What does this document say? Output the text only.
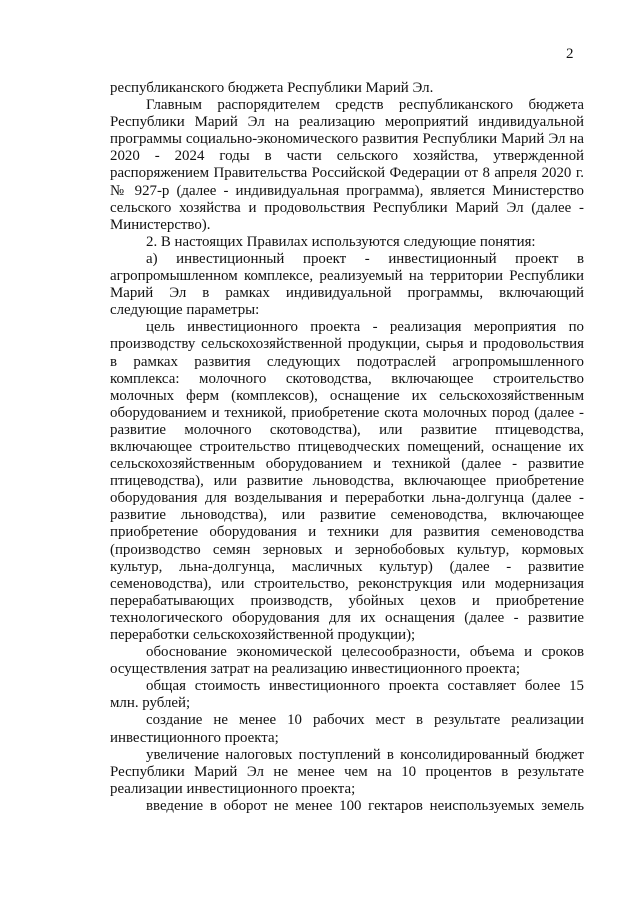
2

республиканского бюджета Республики Марий Эл.

Главным распорядителем средств республиканского бюджета Республики Марий Эл на реализацию мероприятий индивидуальной программы социально-экономического развития Республики Марий Эл на 2020 - 2024 годы в части сельского хозяйства, утвержденной распоряжением Правительства Российской Федерации от 8 апреля 2020 г. № 927-р (далее - индивидуальная программа), является Министерство сельского хозяйства и продовольствия Республики Марий Эл (далее - Министерство).

2. В настоящих Правилах используются следующие понятия:

а) инвестиционный проект - инвестиционный проект в агропромышленном комплексе, реализуемый на территории Республики Марий Эл в рамках индивидуальной программы, включающий следующие параметры:

цель инвестиционного проекта - реализация мероприятия по производству сельскохозяйственной продукции, сырья и продовольствия в рамках развития следующих подотраслей агропромышленного комплекса: молочного скотоводства, включающее строительство молочных ферм (комплексов), оснащение их сельскохозяйственным оборудованием и техникой, приобретение скота молочных пород (далее - развитие молочного скотоводства), или развитие птицеводства, включающее строительство птицеводческих помещений, оснащение их сельскохозяйственным оборудованием и техникой (далее - развитие птицеводства), или развитие льноводства, включающее приобретение оборудования для возделывания и переработки льна-долгунца (далее - развитие льноводства), или развитие семеноводства, включающее приобретение оборудования и техники для развития семеноводства (производство семян зерновых и зернобобовых культур, кормовых культур, льна-долгунца, масличных культур) (далее - развитие семеноводства), или строительство, реконструкция или модернизация перерабатывающих производств, убойных цехов и приобретение технологического оборудования для их оснащения (далее - развитие переработки сельскохозяйственной продукции);

обоснование экономической целесообразности, объема и сроков осуществления затрат на реализацию инвестиционного проекта;

общая стоимость инвестиционного проекта составляет более 15 млн. рублей;

создание не менее 10 рабочих мест в результате реализации инвестиционного проекта;

увеличение налоговых поступлений в консолидированный бюджет Республики Марий Эл не менее чем на 10 процентов в результате реализации инвестиционного проекта;

введение в оборот не менее 100 гектаров неиспользуемых земель
